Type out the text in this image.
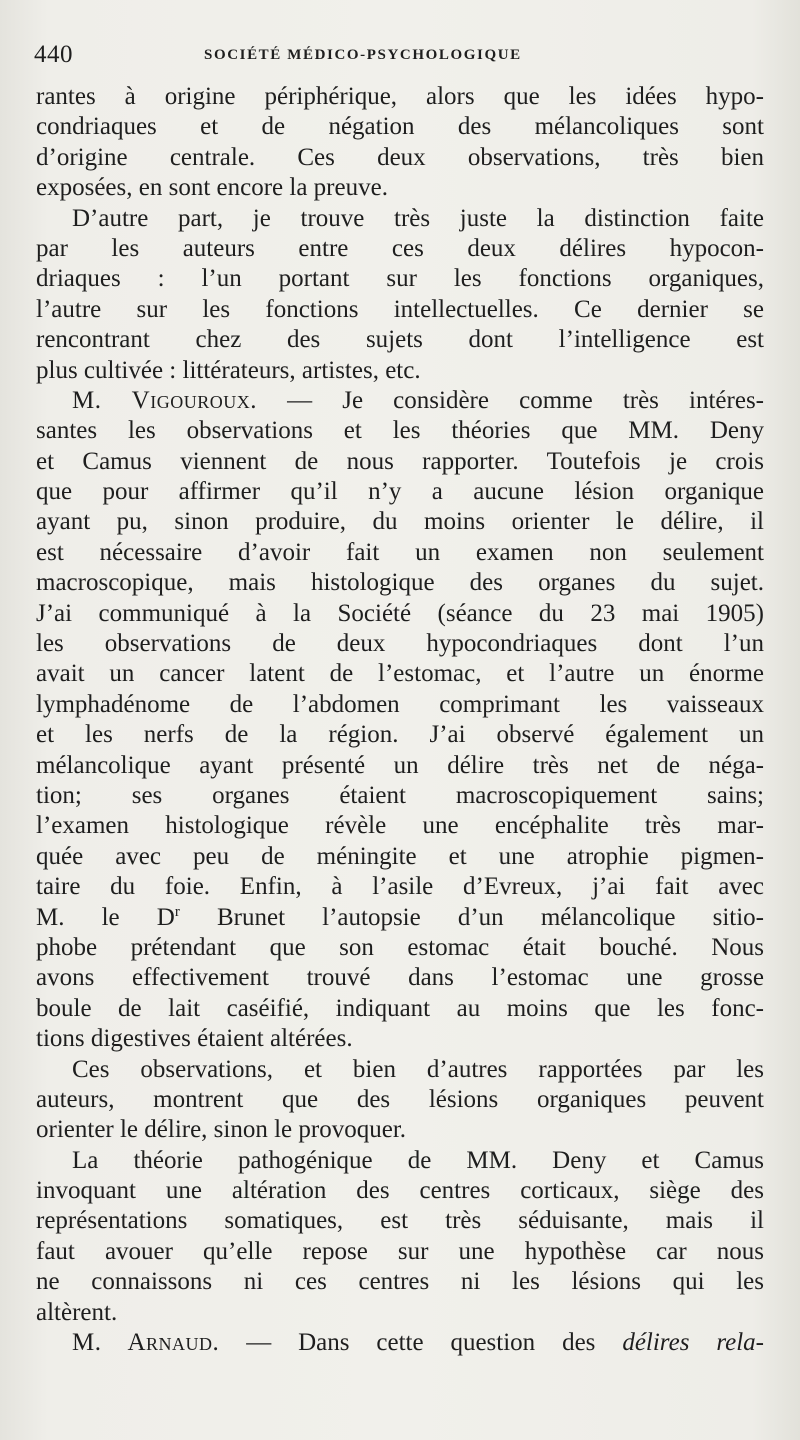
440	SOCIÉTÉ MÉDICO-PSYCHOLOGIQUE
rantes à origine périphérique, alors que les idées hypo-
condriaques et de négation des mélancoliques sont
d’origine centrale. Ces deux observations, très bien
exposées, en sont encore la preuve.
D’autre part, je trouve très juste la distinction faite
par les auteurs entre ces deux délires hypocon-
driaques : l’un portant sur les fonctions organiques,
l’autre sur les fonctions intellectuelles. Ce dernier se
rencontrant chez des sujets dont l’intelligence est
plus cultivée : littérateurs, artistes, etc.
M. Vigouroux. — Je considère comme très intéres-
santes les observations et les théories que MM. Deny
et Camus viennent de nous rapporter. Toutefois je crois
que pour affirmer qu’il n’y a aucune lésion organique
ayant pu, sinon produire, du moins orienter le délire, il
est nécessaire d’avoir fait un examen non seulement
macroscopique, mais histologique des organes du sujet.
J’ai communiqué à la Société (séance du 23 mai 1905)
les observations de deux hypocondriaques dont l’un
avait un cancer latent de l’estomac, et l’autre un énorme
lymphadénome de l’abdomen comprimant les vaisseaux
et les nerfs de la région. J’ai observé également un
mélancolique ayant présenté un délire très net de néga-
tion; ses organes étaient macroscopiquement sains;
l’examen histologique révèle une encéphalite très mar-
quée avec peu de méningite et une atrophie pigmen-
taire du foie. Enfin, à l’asile d’Evreux, j’ai fait avec
M. le $D^r$ Brunet l’autopsie d’un mélancolique sitio-
phobe prétendant que son estomac était bouché. Nous
avons effectivement trouvé dans l’estomac une grosse
boule de lait caséifié, indiquant au moins que les fonc-
tions digestives étaient altérées.
Ces observations, et bien d’autres rapportées par les
auteurs, montrent que des lésions organiques peuvent
orienter le délire, sinon le provoquer.
La théorie pathogénique de MM. Deny et Camus
invoquant une altération des centres corticaux, siège des
représentations somatiques, est très séduisante, mais il
faut avouer qu’elle repose sur une hypothèse car nous
ne connaissons ni ces centres ni les lésions qui les
altèrent.
M. Arnaud. — Dans cette question des délires rela-
